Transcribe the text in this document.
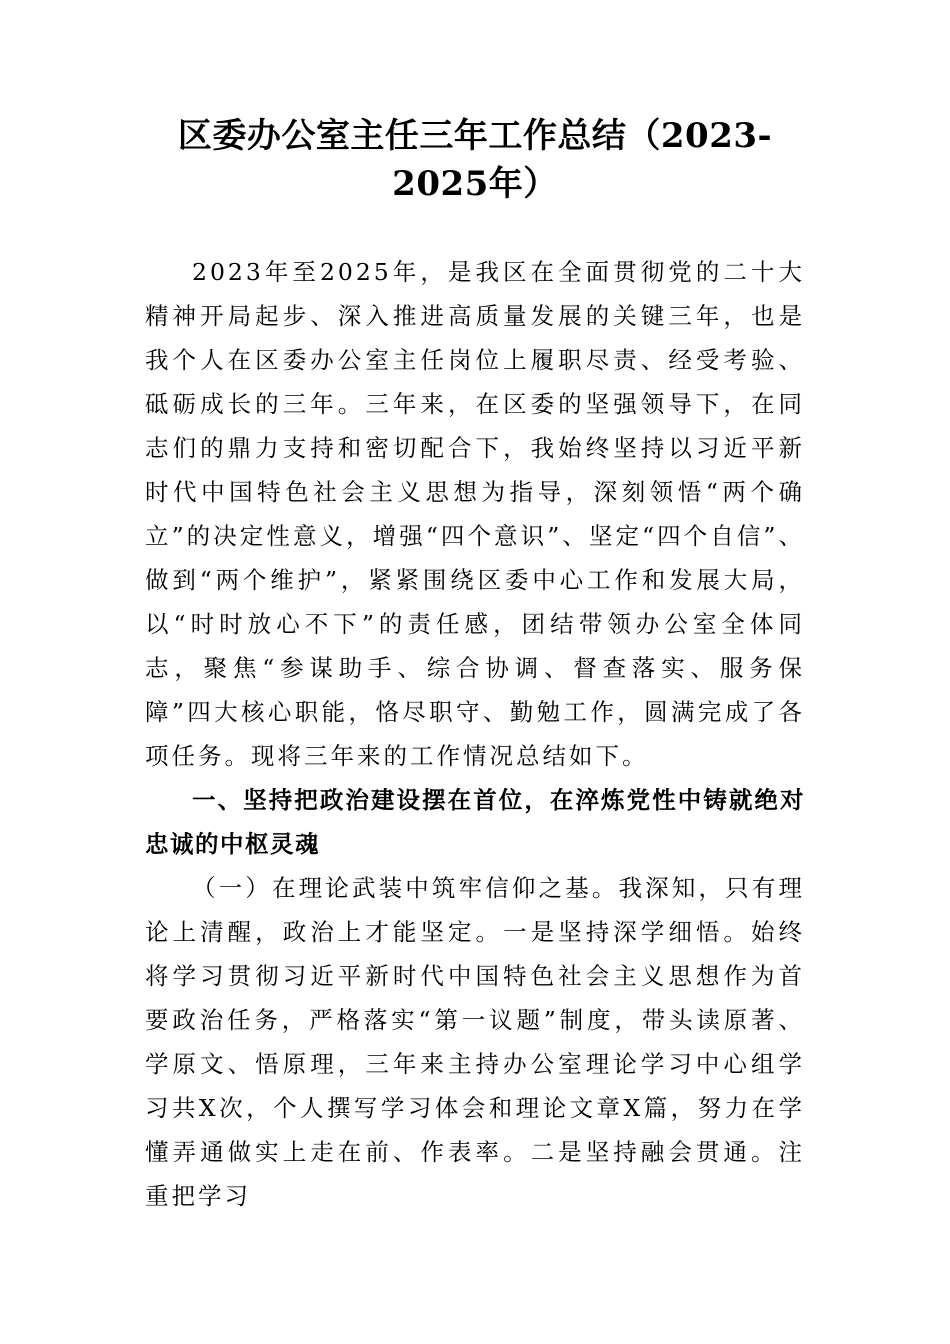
区委办公室主任三年工作总结（2023-2025年）

2023年至2025年，是我区在全面贯彻党的二十大精神开局起步、深入推进高质量发展的关键三年，也是我个人在区委办公室主任岗位上履职尽责、经受考验、砥砺成长的三年。三年来，在区委的坚强领导下，在同志们的鼎力支持和密切配合下，我始终坚持以习近平新时代中国特色社会主义思想为指导，深刻领悟“两个确立”的决定性意义，增强“四个意识”、坚定“四个自信”、做到“两个维护”，紧紧围绕区委中心工作和发展大局，以“时时放心不下”的责任感，团结带领办公室全体同志，聚焦“参谋助手、综合协调、督查落实、服务保障”四大核心职能，恪尽职守、勤勉工作，圆满完成了各项任务。现将三年来的工作情况总结如下。

一、坚持把政治建设摆在首位，在淬炼党性中铸就绝对忠诚的中枢灵魂

（一）在理论武装中筑牢信仰之基。我深知，只有理论上清醒，政治上才能坚定。一是坚持深学细悟。始终将学习贯彻习近平新时代中国特色社会主义思想作为首要政治任务，严格落实“第一议题”制度，带头读原著、学原文、悟原理，三年来主持办公室理论学习中心组学习共X次，个人撰写学习体会和理论文章X篇，努力在学懂弄通做实上走在前、作表率。二是坚持融会贯通。注重把学习
